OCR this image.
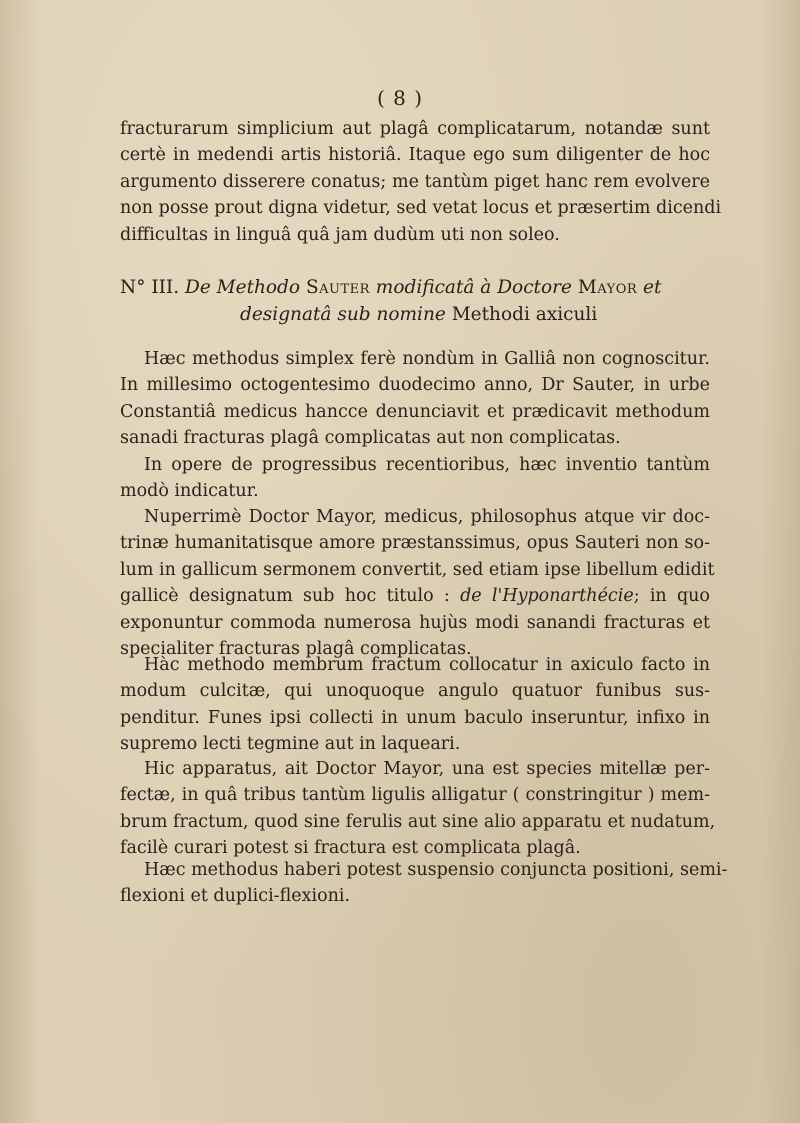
( 8 )
fracturarum simplicium aut plagâ complicatarum, notandæ sunt
certè in medendi artis historiâ. Itaque ego sum diligenter de hoc
argumento disserere conatus; me tantùm piget hanc rem evolvere
non posse prout digna videtur, sed vetat locus et præsertim dicendi
difficultas in linguâ quâ jam dudùm uti non soleo.
N° III. De Methodo Sauter modificatâ à Doctore Mayor et
designatâ sub nomine Methodi axiculi
Hæc methodus simplex ferè nondùm in Galliâ non cognoscitur.
In millesimo octogentesimo duodecimo anno, Dr Sauter, in urbe
Constantiâ medicus hancce denunciavit et prædicavit methodum
sanadi fracturas plagâ complicatas aut non complicatas.
In opere de progressibus recentioribus, hæc inventio tantùm
modò indicatur.
Nuperrimè Doctor Mayor, medicus, philosophus atque vir doc-
trinæ humanitatisque amore præstanssimus, opus Sauteri non so-
lum in gallicum sermonem convertit, sed etiam ipse libellum edidit
gallicè designatum sub hoc titulo : de l'Hyponarthécie; in quo
exponuntur commoda numerosa hujùs modi sanandi fracturas et
specialiter fracturas plagâ complicatas.
Hàc methodo membrum fractum collocatur in axiculo facto in
modum culcitæ, qui unoquoque angulo quatuor funibus sus-
penditur. Funes ipsi collecti in unum baculo inseruntur, infixo in
supremo lecti tegmine aut in laqueari.
Hic apparatus, ait Doctor Mayor, una est species mitellæ per-
fectæ, in quâ tribus tantùm ligulis alligatur ( constringitur ) mem-
brum fractum, quod sine ferulis aut sine alio apparatu et nudatum,
facilè curari potest si fractura est complicata plagâ.
Hæc methodus haberi potest suspensio conjuncta positioni, semi-
flexioni et duplici-flexioni.
